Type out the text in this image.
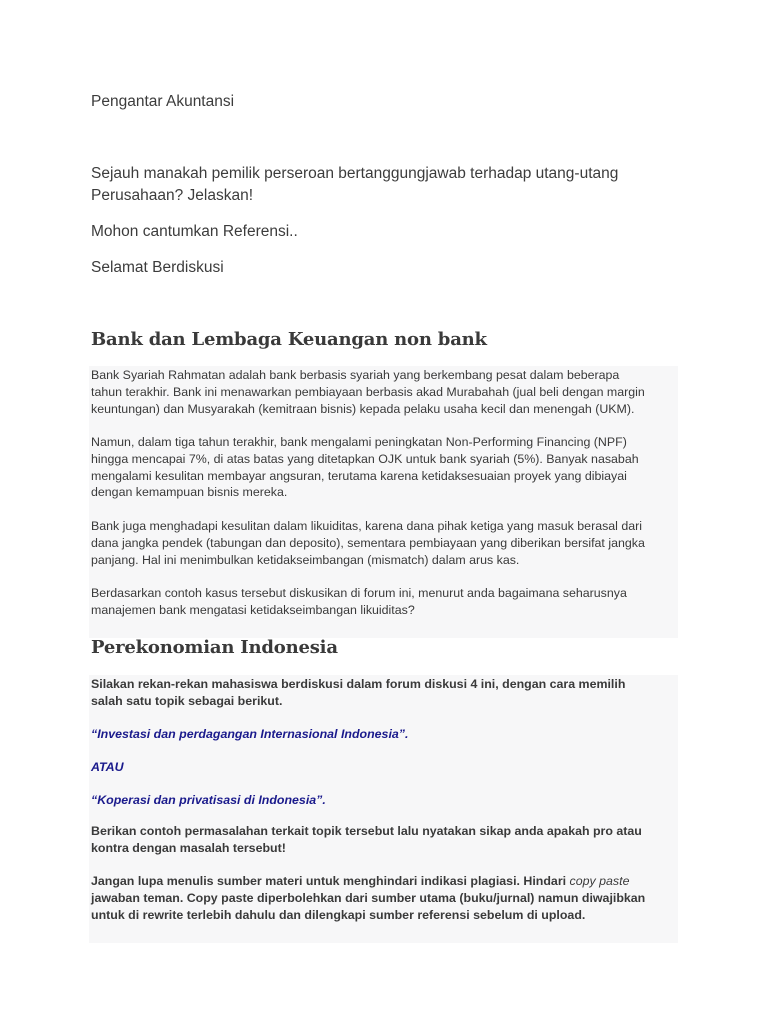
Pengantar Akuntansi

Sejauh manakah pemilik perseroan bertanggungjawab terhadap utang-utang Perusahaan? Jelaskan!

Mohon cantumkan Referensi..

Selamat Berdiskusi

Bank dan Lembaga Keuangan non bank

Bank Syariah Rahmatan adalah bank berbasis syariah yang berkembang pesat dalam beberapa tahun terakhir. Bank ini menawarkan pembiayaan berbasis akad Murabahah (jual beli dengan margin keuntungan) dan Musyarakah (kemitraan bisnis) kepada pelaku usaha kecil dan menengah (UKM).

Namun, dalam tiga tahun terakhir, bank mengalami peningkatan Non-Performing Financing (NPF) hingga mencapai 7%, di atas batas yang ditetapkan OJK untuk bank syariah (5%). Banyak nasabah mengalami kesulitan membayar angsuran, terutama karena ketidaksesuaian proyek yang dibiayai dengan kemampuan bisnis mereka.

Bank juga menghadapi kesulitan dalam likuiditas, karena dana pihak ketiga yang masuk berasal dari dana jangka pendek (tabungan dan deposito), sementara pembiayaan yang diberikan bersifat jangka panjang. Hal ini menimbulkan ketidakseimbangan (mismatch) dalam arus kas.

Berdasarkan contoh kasus tersebut diskusikan di forum ini, menurut anda bagaimana seharusnya manajemen bank mengatasi ketidakseimbangan likuiditas?

Perekonomian Indonesia

Silakan rekan-rekan mahasiswa berdiskusi dalam forum diskusi 4 ini, dengan cara memilih salah satu topik sebagai berikut.

“Investasi dan perdagangan Internasional Indonesia”.

ATAU

“Koperasi dan privatisasi di Indonesia”.

Berikan contoh permasalahan terkait topik tersebut lalu nyatakan sikap anda apakah pro atau kontra dengan masalah tersebut!

Jangan lupa menulis sumber materi untuk menghindari indikasi plagiasi. Hindari copy paste jawaban teman. Copy paste diperbolehkan dari sumber utama (buku/jurnal) namun diwajibkan untuk di rewrite terlebih dahulu dan dilengkapi sumber referensi sebelum di upload.
